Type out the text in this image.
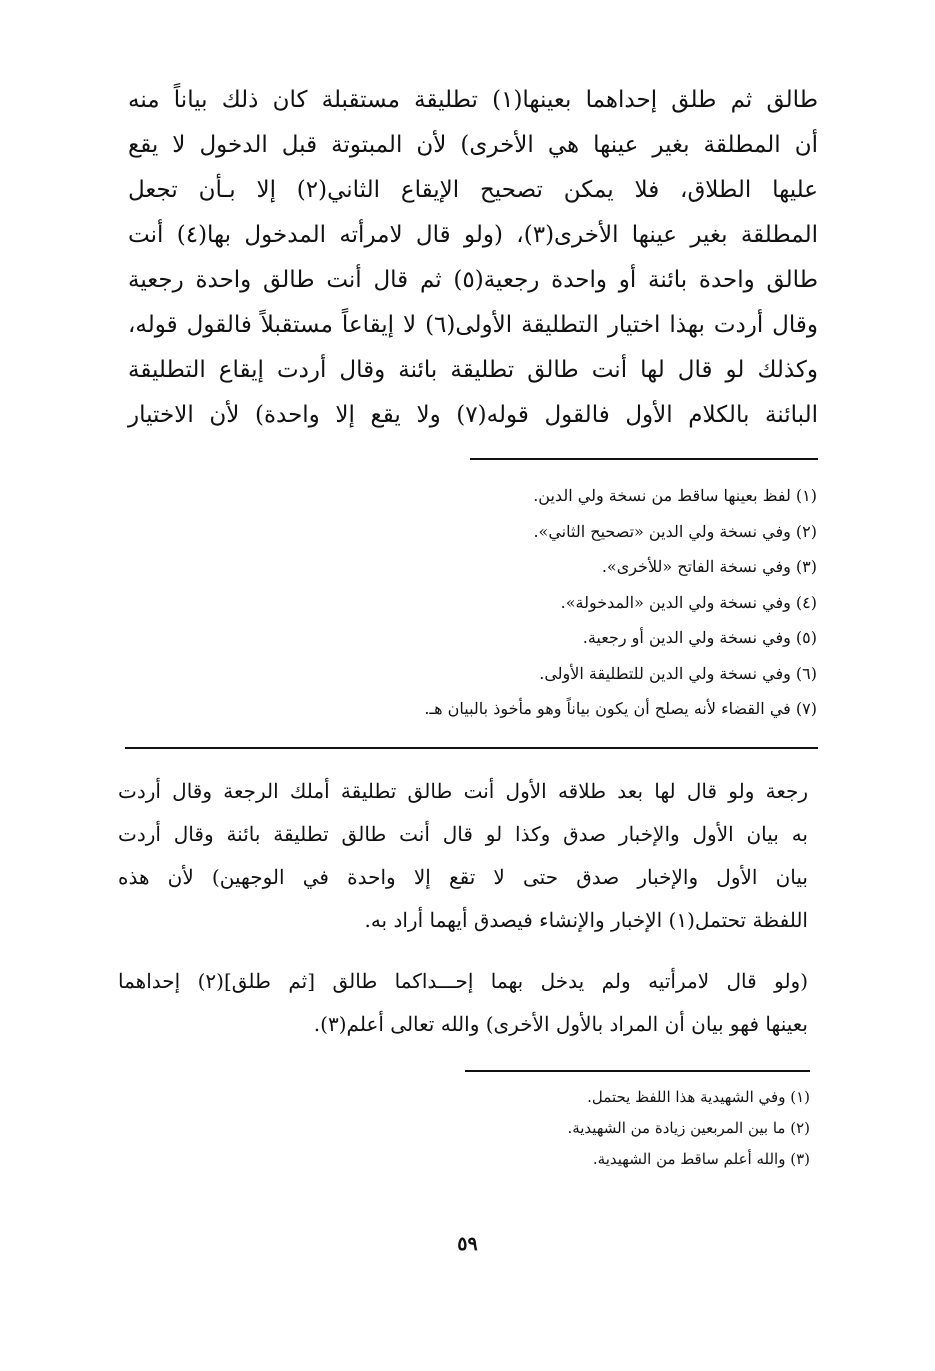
طالق ثم طلق إحداهما بعينها(١) تطليقة مستقبلة كان ذلك بياناً منه
أن المطلقة بغير عينها هي الأخرى) لأن المبتوتة قبل الدخول لا يقع
عليها الطلاق، فلا يمكن تصحيح الإيقاع الثاني(٢) إلا بـأن تجعل
المطلقة بغير عينها الأخرى(٣)، (ولو قال لامرأته المدخول بها(٤) أنت
طالق واحدة بائنة أو واحدة رجعية(٥) ثم قال أنت طالق واحدة رجعية
وقال أردت بهذا اختيار التطليقة الأولى(٦) لا إيقاعاً مستقبلاً فالقول قوله،
وكذلك لو قال لها أنت طالق تطليقة بائنة وقال أردت إيقاع التطليقة
البائنة بالكلام الأول فالقول قوله(٧) ولا يقع إلا واحدة) لأن الاختيار
(١) لفظ بعينها ساقط من نسخة ولي الدين.
(٢) وفي نسخة ولي الدين «تصحيح الثاني».
(٣) وفي نسخة الفاتح «للأخرى».
(٤) وفي نسخة ولي الدين «المدخولة».
(٥) وفي نسخة ولي الدين أو رجعية.
(٦) وفي نسخة ولي الدين للتطليقة الأولى.
(٧) في القضاء لأنه يصلح أن يكون بياناً وهو مأخوذ بالبيان هـ.
رجعة ولو قال لها بعد طلاقه الأول أنت طالق تطليقة أملك الرجعة وقال أردت
به بيان الأول والإخبار صدق وكذا لو قال أنت طالق تطليقة بائنة وقال أردت
بيان الأول والإخبار صدق حتى لا تقع إلا واحدة في الوجهين) لأن هذه
اللفظة تحتمل(١) الإخبار والإنشاء فيصدق أيهما أراد به.
(ولو قال لامرأتيه ولم يدخل بهما إحـــداكما طالق [ثم طلق](٢) إحداهما
بعينها فهو بيان أن المراد بالأول الأخرى) والله تعالى أعلم(٣).
(١) وفي الشهيدية هذا اللفظ يحتمل.
(٢) ما بين المربعين زيادة من الشهيدية.
(٣) والله أعلم ساقط من الشهيدية.
٥٩
